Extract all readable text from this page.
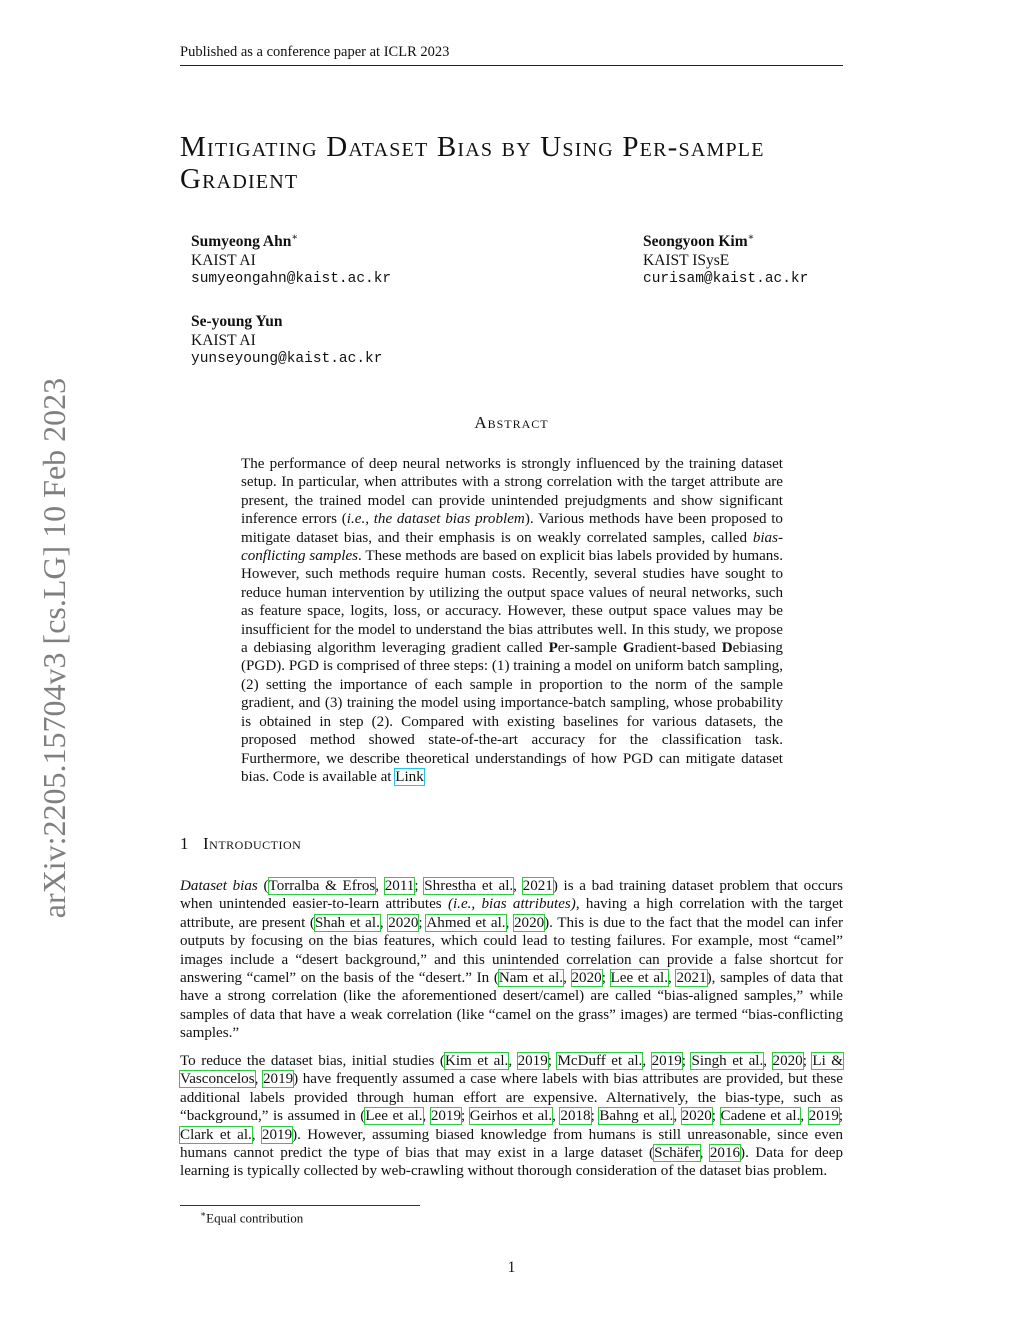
Published as a conference paper at ICLR 2023
Mitigating Dataset Bias by Using Per-sample
Gradient
Sumyeong Ahn∗
KAIST AI
sumyeongahn@kaist.ac.kr
Seongyoon Kim∗
KAIST ISysE
curisam@kaist.ac.kr
Se-young Yun
KAIST AI
yunseyoung@kaist.ac.kr
arXiv:2205.15704v3 [cs.LG] 10 Feb 2023	Abstract
The performance of deep neural networks is strongly influenced by the training dataset setup. In particular, when attributes with a strong correlation with the target attribute are present, the trained model can provide unintended prejudgments and show significant inference errors (i.e., the dataset bias problem). Various methods have been proposed to mitigate dataset bias, and their emphasis is on weakly correlated samples, called bias-conflicting samples. These methods are based on explicit bias labels provided by humans. However, such methods require human costs. Recently, several studies have sought to reduce human intervention by utilizing the output space values of neural networks, such as feature space, logits, loss, or accuracy. However, these output space values may be insufficient for the model to understand the bias attributes well. In this study, we propose a debiasing algorithm leveraging gradient called Per-sample Gradient-based Debiasing (PGD). PGD is comprised of three steps: (1) training a model on uniform batch sampling, (2) setting the importance of each sample in proportion to the norm of the sample gradient, and (3) training the model using importance-batch sampling, whose probability is obtained in step (2). Compared with existing baselines for various datasets, the proposed method showed state-of-the-art accuracy for the classification task. Furthermore, we describe theoretical understandings of how PGD can mitigate dataset bias. Code is available at Link
1 Introduction
Dataset bias (Torralba & Efros, 2011; Shrestha et al., 2021) is a bad training dataset problem that occurs when unintended easier-to-learn attributes (i.e., bias attributes), having a high correlation with the target attribute, are present (Shah et al., 2020; Ahmed et al., 2020). This is due to the fact that the model can infer outputs by focusing on the bias features, which could lead to testing failures. For example, most “camel” images include a “desert background,” and this unintended correlation can provide a false shortcut for answering “camel” on the basis of the “desert.” In (Nam et al., 2020; Lee et al., 2021), samples of data that have a strong correlation (like the aforementioned desert/camel) are called “bias-aligned samples,” while samples of data that have a weak correlation (like “camel on the grass” images) are termed “bias-conflicting samples.”
To reduce the dataset bias, initial studies (Kim et al., 2019; McDuff et al., 2019; Singh et al., 2020; Li & Vasconcelos, 2019) have frequently assumed a case where labels with bias attributes are provided, but these additional labels provided through human effort are expensive. Alternatively, the bias-type, such as “background,” is assumed in (Lee et al., 2019; Geirhos et al., 2018; Bahng et al., 2020; Cadene et al., 2019; Clark et al., 2019). However, assuming biased knowledge from humans is still unreasonable, since even humans cannot predict the type of bias that may exist in a large dataset (Schäfer, 2016). Data for deep learning is typically collected by web-crawling without thorough consideration of the dataset bias problem.
∗Equal contribution
1
